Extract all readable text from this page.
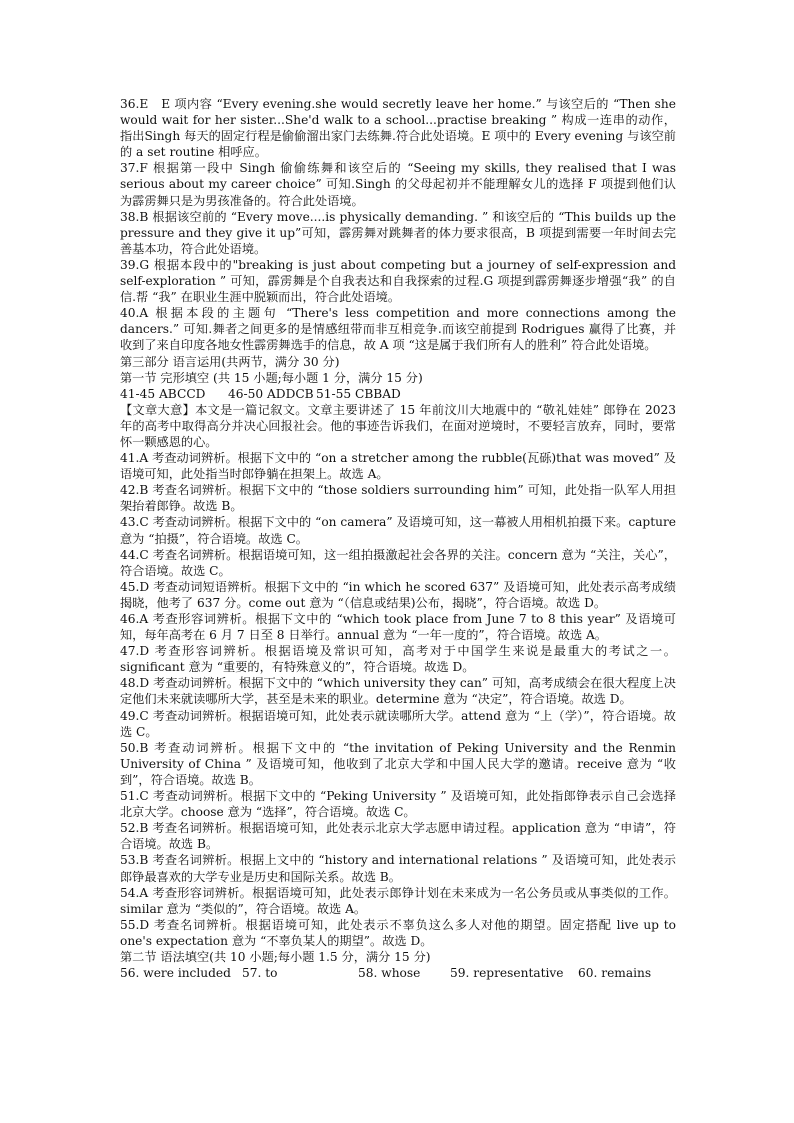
36.E　E 项内容 “Every evening.she would secretly leave her home.” 与该空后的 “Then she would wait for her sister...She'd walk to a school...practise breaking ” 构成一连串的动作，指出Singh 每天的固定行程是偷偷溜出家门去练舞.符合此处语境。E 项中的 Every evening 与该空前的 a set routine 相呼应。

37.F 根据第一段中 Singh 偷偷练舞和该空后的 “Seeing my skills, they realised that I was serious about my career choice” 可知.Singh 的父母起初并不能理解女儿的选择 F 项提到他们认为霹雳舞只是为男孩准备的。符合此处语境。

38.B 根据该空前的 “Every move....is physically demanding. ” 和该空后的 “This builds up the pressure and they give it up”可知，霹雳舞对跳舞者的体力要求很高，B 项提到需要一年时间去完善基本功，符合此处语境。

39.G 根据本段中的"breaking is just about competing but a journey of self-expression and self-exploration ” 可知，霹雳舞是个自我表达和自我探索的过程.G 项提到霹雳舞逐步增强“我” 的自信.帮 “我” 在职业生涯中脱颖而出，符合此处语境。

40.A 根据本段的主题句 “There's less competition and more connections among the dancers.” 可知.舞者之间更多的是情感纽带而非互相竞争.而该空前提到 Rodrigues 赢得了比赛，并收到了来自印度各地女性霹雳舞选手的信息，故 A 项 “这是属于我们所有人的胜利” 符合此处语境。

第三部分 语言运用(共两节，满分 30 分)

第一节 完形填空 (共 15 小题;每小题 1 分，满分 15 分)

41-45 ABCCD	46-50 ADDCB 51-55 CBBAD

【文章大意】本文是一篇记叙文。文章主要讲述了 15 年前汶川大地震中的 “敬礼娃娃” 郎铮在 2023 年的高考中取得高分并决心回报社会。他的事迹告诉我们，在面对逆境时，不要轻言放弃，同时，要常怀一颗感恩的心。

41.A 考查动词辨析。根据下文中的 “on a stretcher among the rubble(瓦砾)that was moved” 及语境可知，此处指当时郎铮躺在担架上。故选 A。

42.B 考查名词辨析。根据下文中的 “those soldiers surrounding him” 可知，此处指一队军人用担架抬着郎铮。故选 B。

43.C 考查动词辨析。根据下文中的 “on camera” 及语境可知，这一幕被人用相机拍摄下来。capture 意为 “拍摄”，符合语境。故选 C。

44.C 考查名词辨析。根据语境可知，这一组拍摄激起社会各界的关注。concern 意为 “关注，关心”，符合语境。故选 C。

45.D 考查动词短语辨析。根据下文中的 “in which he scored 637” 及语境可知，此处表示高考成绩揭晓，他考了 637 分。come out 意为 “（信息或结果)公布，揭晓”，符合语境。故选 D。

46.A 考查形容词辨析。根据下文中的 “which took place from June 7 to 8 this year” 及语境可知，每年高考在 6 月 7 日至 8 日举行。annual 意为 “一年一度的”，符合语境。故选 A。

47.D 考查形容词辨析。根据语境及常识可知，高考对于中国学生来说是最重大的考试之一。significant 意为 “重要的，有特殊意义的”，符合语境。故选 D。

48.D 考查动词辨析。根据下文中的 “which university they can” 可知，高考成绩会在很大程度上决定他们未来就读哪所大学，甚至是未来的职业。determine 意为 “决定”，符合语境。故选 D。

49.C 考查动词辨析。根据语境可知，此处表示就读哪所大学。attend 意为 “上（学）”，符合语境。故选 C。

50.B 考查动词辨析。根据下文中的 “the invitation of Peking University and the Renmin University of China ” 及语境可知，他收到了北京大学和中国人民大学的邀请。receive 意为 “收到”，符合语境。故选 B。

51.C 考查动词辨析。根据下文中的 “Peking University ” 及语境可知，此处指郎铮表示自己会选择北京大学。choose 意为 “选择”，符合语境。故选 C。

52.B 考查名词辨析。根据语境可知，此处表示北京大学志愿申请过程。application 意为 “申请”，符合语境。故选 B。

53.B 考查名词辨析。根据上文中的 “history and international relations ” 及语境可知，此处表示郎铮最喜欢的大学专业是历史和国际关系。故选 B。

54.A 考查形容词辨析。根据语境可知，此处表示郎铮计划在未来成为一名公务员或从事类似的工作。similar 意为 “类似的”，符合语境。故选 A。

55.D 考查名词辨析。根据语境可知，此处表示不辜负这么多人对他的期望。固定搭配 live up to one's expectation 意为 “不辜负某人的期望”。故选 D。

第二节 语法填空(共 10 小题;每小题 1.5 分，满分 15 分)

56. were included 57. to	58. whose	59. representative	60. remains
